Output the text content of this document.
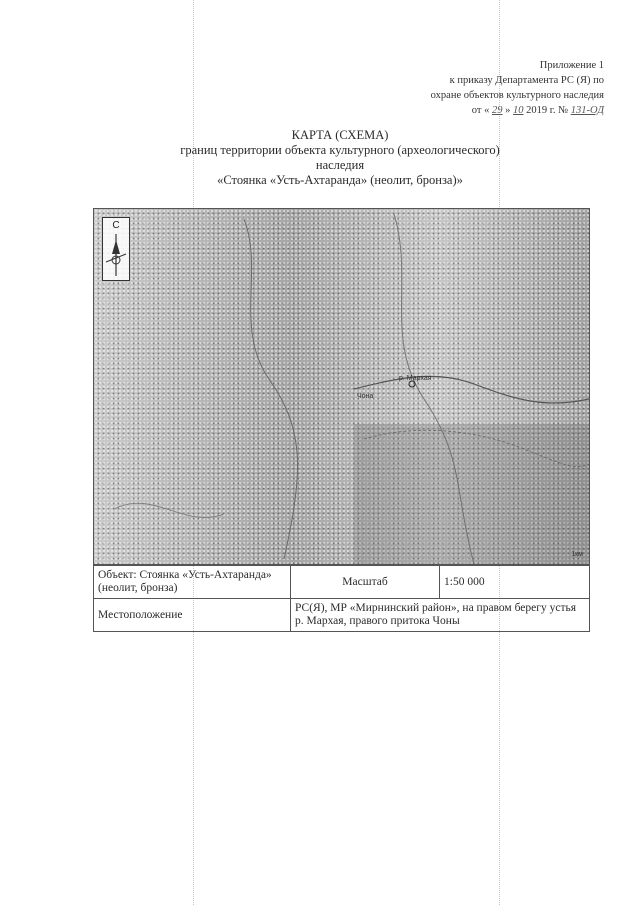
Приложение 1
к приказу Департамента РС (Я) по
охране объектов культурного наследия
от « 29 » 10 2019 г. № 131-ОД
КАРТА (СХЕМА)
границ территории объекта культурного (археологического)
наследия
«Стоянка «Усть-Ахтаранда» (неолит, бронза)»
С
р. Мархая
Чона
1км
Объект: Стоянка «Усть-Ахтаранда» (неолит, бронза)	Масштаб	1:50 000
Местоположение	РС(Я), МР «Мирнинский район», на правом берегу устья р. Мархая, правого притока Чоны	
